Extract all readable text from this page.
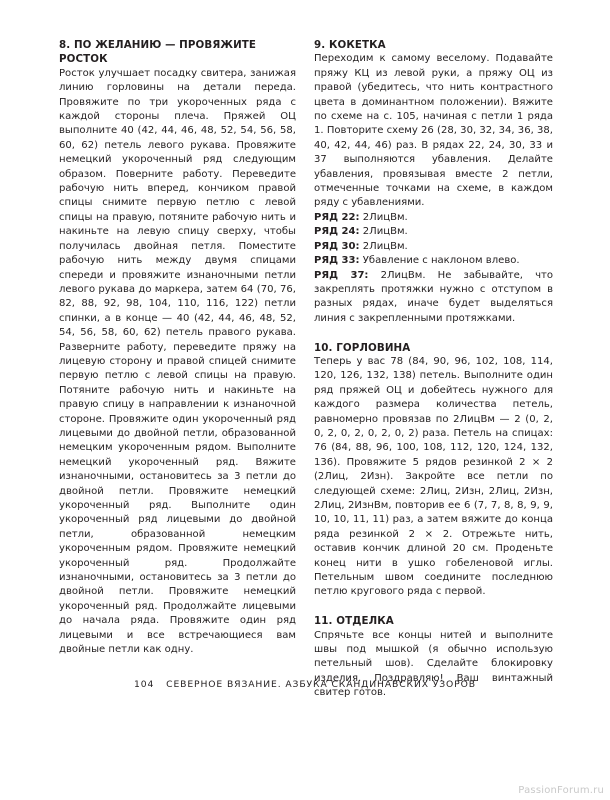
8. ПО ЖЕЛАНИЮ — ПРОВЯЖИТЕ РОСТОК

Росток улучшает посадку свитера, занижая линию горловины на детали переда. Провяжите по три укороченных ряда с каждой стороны плеча. Пряжей ОЦ выполните 40 (42, 44, 46, 48, 52, 54, 56, 58, 60, 62) петель левого рукава. Провяжите немецкий укороченный ряд следующим образом. Поверните работу. Переведите рабочую нить вперед, кончиком правой спицы снимите первую петлю с левой спицы на правую, потяните рабочую нить и накиньте на левую спицу сверху, чтобы получилась двойная петля. Поместите рабочую нить между двумя спицами спереди и провяжите изнаночными петли левого рукава до маркера, затем 64 (70, 76, 82, 88, 92, 98, 104, 110, 116, 122) петли спинки, а в конце — 40 (42, 44, 46, 48, 52, 54, 56, 58, 60, 62) петель правого рукава. Разверните работу, переведите пряжу на лицевую сторону и правой спицей снимите первую петлю с левой спицы на правую. Потяните рабочую нить и накиньте на правую спицу в направлении к изнаночной стороне. Провяжите один укороченный ряд лицевыми до двойной петли, образованной немецким укороченным рядом. Выполните немецкий укороченный ряд. Вяжите изнаночными, остановитесь за 3 петли до двойной петли. Провяжите немецкий укороченный ряд. Выполните один укороченный ряд лицевыми до двойной петли, образованной немецким укороченным рядом. Провяжите немецкий укороченный ряд. Продолжайте изнаночными, остановитесь за 3 петли до двойной петли. Провяжите немецкий укороченный ряд. Продолжайте лицевыми до начала ряда. Провяжите один ряд лицевыми и все встречающиеся вам двойные петли как одну.

9. КОКЕТКА

Переходим к самому веселому. Подавайте пряжу КЦ из левой руки, а пряжу ОЦ из правой (убедитесь, что нить контрастного цвета в доминантном положении). Вяжите по схеме на с. 105, начиная с петли 1 ряда 1. Повторите схему 26 (28, 30, 32, 34, 36, 38, 40, 42, 44, 46) раз. В рядах 22, 24, 30, 33 и 37 выполняются убавления. Делайте убавления, провязывая вместе 2 петли, отмеченные точками на схеме, в каждом ряду с убавлениями.

РЯД 22: 2ЛицВм.

РЯД 24: 2ЛицВм.

РЯД 30: 2ЛицВм.

РЯД 33: Убавление с наклоном влево.

РЯД 37: 2ЛицВм. Не забывайте, что закреплять протяжки нужно с отступом в разных рядах, иначе будет выделяться линия с закрепленными протяжками.

10. ГОРЛОВИНА

Теперь у вас 78 (84, 90, 96, 102, 108, 114, 120, 126, 132, 138) петель. Выполните один ряд пряжей ОЦ и добейтесь нужного для каждого размера количества петель, равномерно провязав по 2ЛицВм — 2 (0, 2, 0, 2, 0, 2, 0, 2, 0, 2) раза. Петель на спицах: 76 (84, 88, 96, 100, 108, 112, 120, 124, 132, 136). Провяжите 5 рядов резинкой 2 × 2 (2Лиц, 2Изн). Закройте все петли по следующей схеме: 2Лиц, 2Изн, 2Лиц, 2Изн, 2Лиц, 2ИзнВм, повторив ее 6 (7, 7, 8, 8, 9, 9, 10, 10, 11, 11) раз, а затем вяжите до конца ряда резинкой 2 × 2. Отрежьте нить, оставив кончик длиной 20 см. Проденьте конец нити в ушко гобеленовой иглы. Петельным швом соедините последнюю петлю кругового ряда с первой.

11. ОТДЕЛКА

Спрячьте все концы нитей и выполните швы под мышкой (я обычно использую петельный шов). Сделайте блокировку изделия. Поздравляю! Ваш винтажный свитер готов.

104 СЕВЕРНОЕ ВЯЗАНИЕ. АЗБУКА СКАНДИНАВСКИХ УЗОРОВ
PassionForum.ru
